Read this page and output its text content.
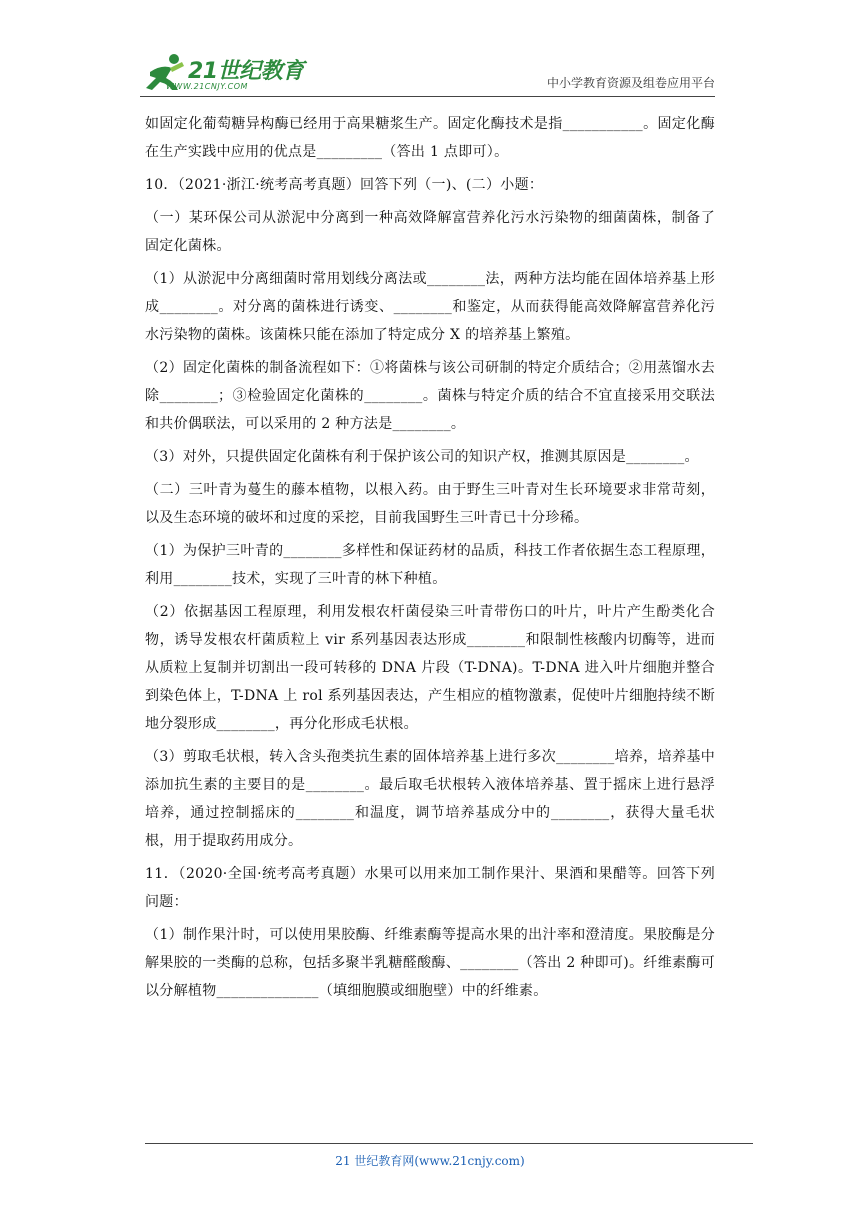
21世纪教育
WWW.21CNJY.COM	中小学教育资源及组卷应用平台

如固定化葡萄糖异构酶已经用于高果糖浆生产。固定化酶技术是指___________。固定化酶在生产实践中应用的优点是_________（答出 1 点即可）。

10．（2021·浙江·统考高考真题）回答下列（一)、(二）小题：

（一）某环保公司从淤泥中分离到一种高效降解富营养化污水污染物的细菌菌株，制备了固定化菌株。

（1）从淤泥中分离细菌时常用划线分离法或________法，两种方法均能在固体培养基上形成________。对分离的菌株进行诱变、________和鉴定，从而获得能高效降解富营养化污水污染物的菌株。该菌株只能在添加了特定成分 X 的培养基上繁殖。

（2）固定化菌株的制备流程如下：①将菌株与该公司研制的特定介质结合；②用蒸馏水去除________；③检验固定化菌株的________。菌株与特定介质的结合不宜直接采用交联法和共价偶联法，可以采用的 2 种方法是________。

（3）对外，只提供固定化菌株有利于保护该公司的知识产权，推测其原因是________。

（二）三叶青为蔓生的藤本植物，以根入药。由于野生三叶青对生长环境要求非常苛刻，以及生态环境的破坏和过度的采挖，目前我国野生三叶青已十分珍稀。

（1）为保护三叶青的________多样性和保证药材的品质，科技工作者依据生态工程原理，利用________技术，实现了三叶青的林下种植。

（2）依据基因工程原理，利用发根农杆菌侵染三叶青带伤口的叶片，叶片产生酚类化合物，诱导发根农杆菌质粒上 vir 系列基因表达形成________和限制性核酸内切酶等，进而从质粒上复制并切割出一段可转移的 DNA 片段（T-DNA)。T-DNA 进入叶片细胞并整合到染色体上，T-DNA 上 rol 系列基因表达，产生相应的植物激素，促使叶片细胞持续不断地分裂形成________，再分化形成毛状根。

（3）剪取毛状根，转入含头孢类抗生素的固体培养基上进行多次________培养，培养基中添加抗生素的主要目的是________。最后取毛状根转入液体培养基、置于摇床上进行悬浮培养，通过控制摇床的________和温度，调节培养基成分中的________，获得大量毛状根，用于提取药用成分。

11．（2020·全国·统考高考真题）水果可以用来加工制作果汁、果酒和果醋等。回答下列问题：

（1）制作果汁时，可以使用果胶酶、纤维素酶等提高水果的出汁率和澄清度。果胶酶是分解果胶的一类酶的总称，包括多聚半乳糖醛酸酶、________（答出 2 种即可)。纤维素酶可以分解植物______________（填细胞膜或细胞壁）中的纤维素。

21 世纪教育网(www.21cnjy.com)
